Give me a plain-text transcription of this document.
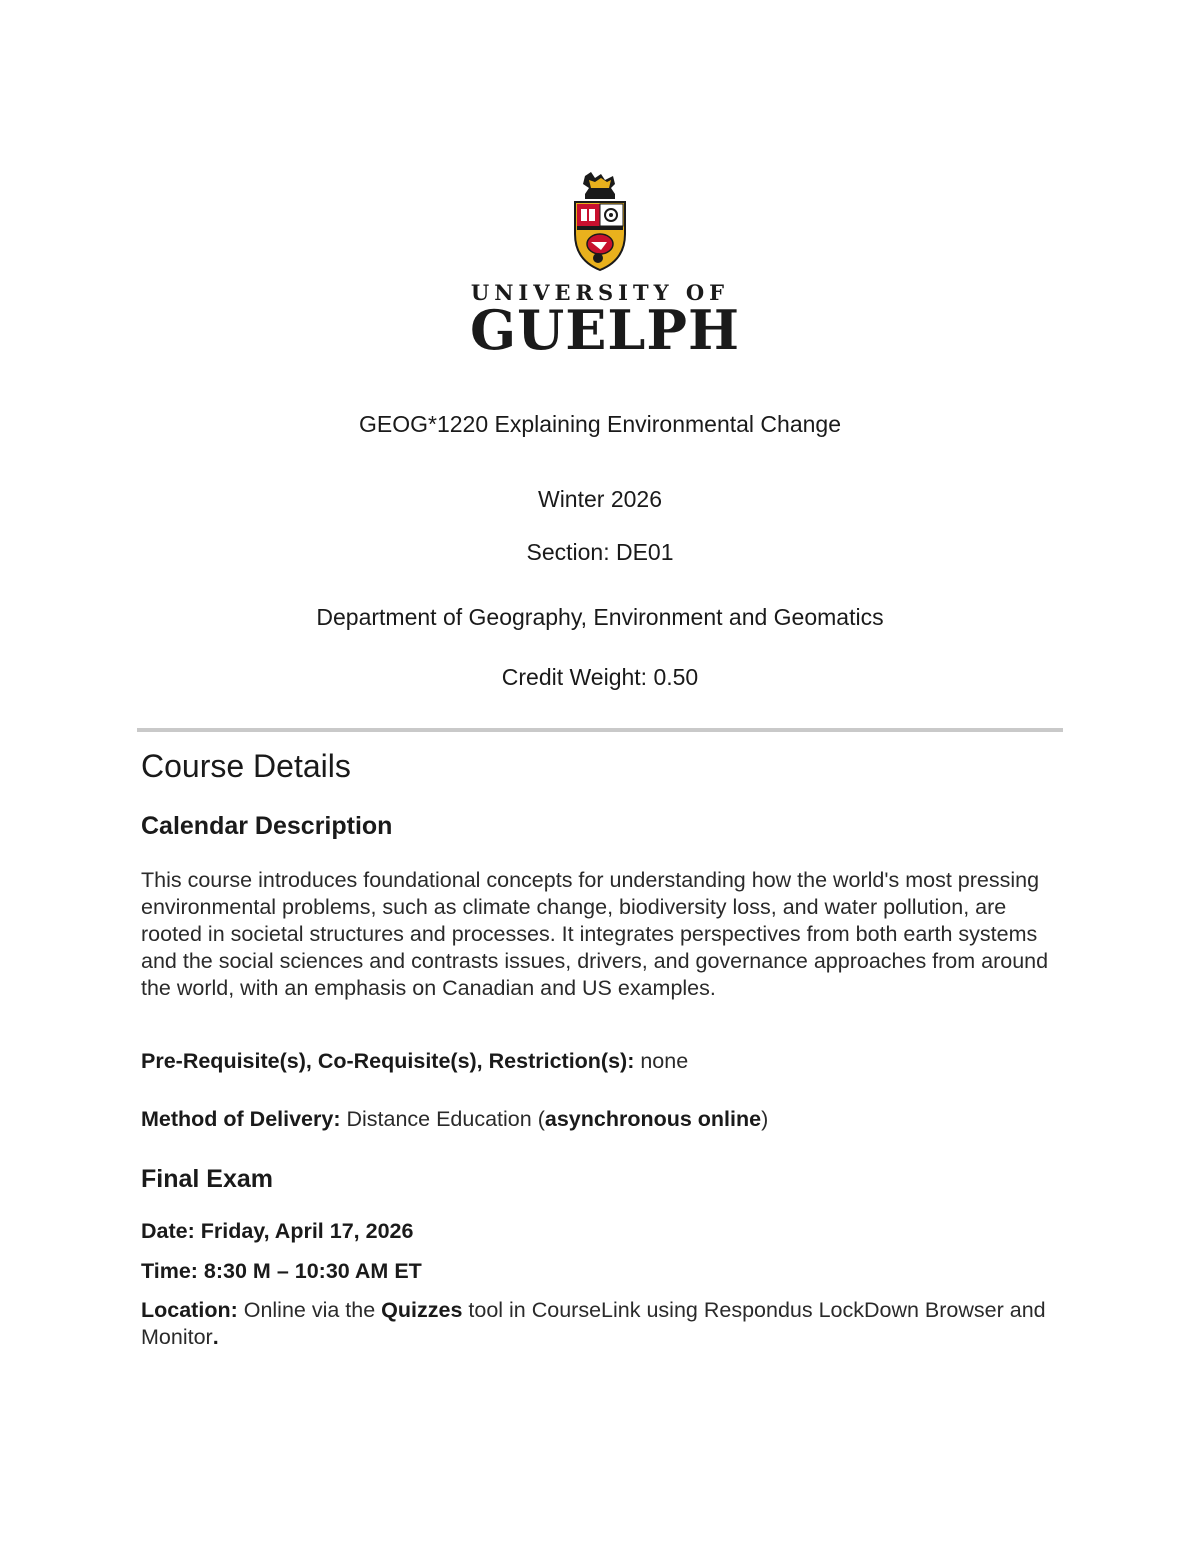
UNIVERSITY OF
GUELPH
GEOG*1220 Explaining Environmental Change
Winter 2026
Section: DE01
Department of Geography, Environment and Geomatics
Credit Weight: 0.50
Course Details
Calendar Description
This course introduces foundational concepts for understanding how the world's most pressing environmental problems, such as climate change, biodiversity loss, and water pollution, are rooted in societal structures and processes. It integrates perspectives from both earth systems and the social sciences and contrasts issues, drivers, and governance approaches from around the world, with an emphasis on Canadian and US examples.
Pre-Requisite(s), Co-Requisite(s), Restriction(s): none
Method of Delivery: Distance Education (asynchronous online)
Final Exam
Date: Friday, April 17, 2026
Time: 8:30 M – 10:30 AM ET
Location: Online via the Quizzes tool in CourseLink using Respondus LockDown Browser and Monitor.
